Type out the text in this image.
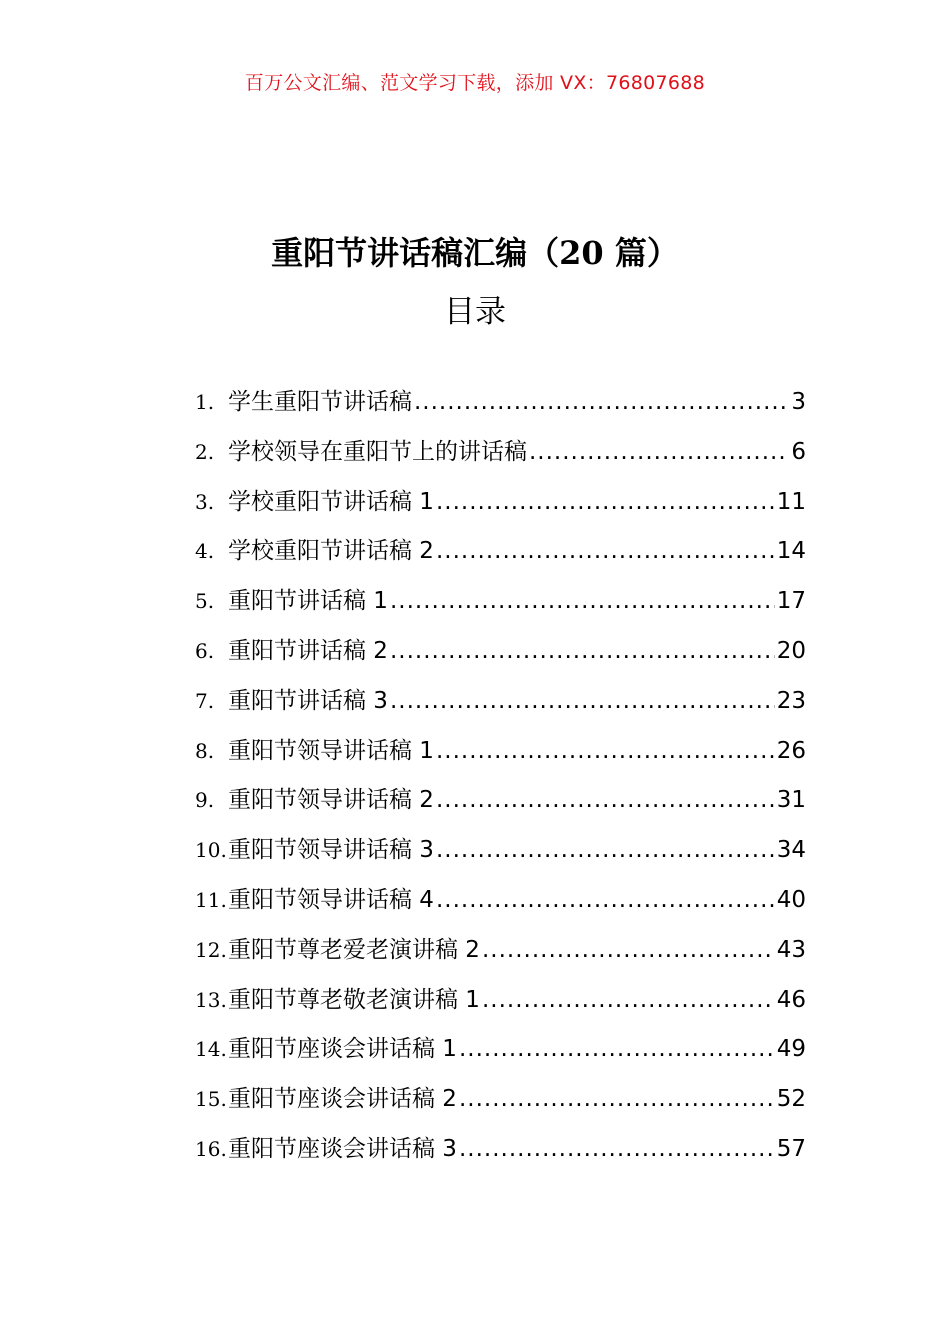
百万公文汇编、范文学习下载，添加 VX：76807688
重阳节讲话稿汇编（20 篇）
目录
1. 学生重阳节讲话稿 .....	3
2. 学校领导在重阳节上的讲话稿 .....	6
3. 学校重阳节讲话稿 1 .....	11
4. 学校重阳节讲话稿 2 .....	14
5. 重阳节讲话稿 1 .....	17
6. 重阳节讲话稿 2 .....	20
7. 重阳节讲话稿 3 .....	23
8. 重阳节领导讲话稿 1 .....	26
9. 重阳节领导讲话稿 2 .....	31
10. 重阳节领导讲话稿 3 .....	34
11. 重阳节领导讲话稿 4 .....	40
12. 重阳节尊老爱老演讲稿 2 .....	43
13. 重阳节尊老敬老演讲稿 1 .....	46
14. 重阳节座谈会讲话稿 1 .....	49
15. 重阳节座谈会讲话稿 2 .....	52
16. 重阳节座谈会讲话稿 3 .....	57
